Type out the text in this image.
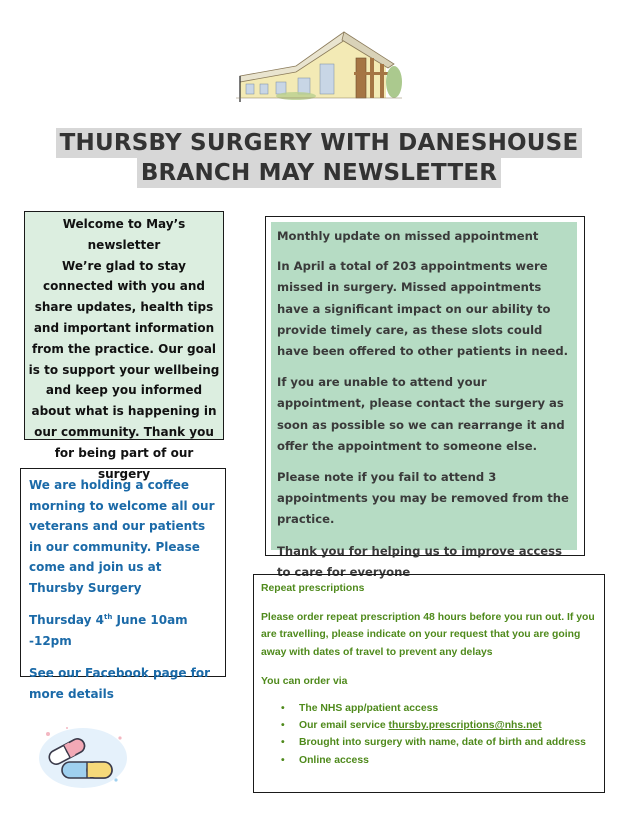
THURSBY SURGERY WITH DANESHOUSE
BRANCH MAY NEWSLETTER
Welcome to May’s newsletter
We’re glad to stay connected with you and share updates, health tips and important information from the practice. Our goal is to support your wellbeing and keep you informed about what is happening in our community. Thank you for being part of our surgery

We are holding a coffee morning to welcome all our veterans and our patients in our community. Please come and join us at Thursby Surgery

Thursday 4th June 10am -12pm

See our Facebook page for more details

Monthly update on missed appointment

In April a total of 203 appointments were missed in surgery. Missed appointments have a significant impact on our ability to provide timely care, as these slots could have been offered to other patients in need.

If you are unable to attend your appointment, please contact the surgery as soon as possible so we can rearrange it and offer the appointment to someone else.

Please note if you fail to attend 3 appointments you may be removed from the practice.

Thank you for helping us to improve access to care for everyone

Repeat prescriptions

Please order repeat prescription 48 hours before you run out. If you are travelling, please indicate on your request that you are going away with dates of travel to prevent any delays

You can order via

• The NHS app/patient access
• Our email service thursby.prescriptions@nhs.net
• Brought into surgery with name, date of birth and address
• Online access
